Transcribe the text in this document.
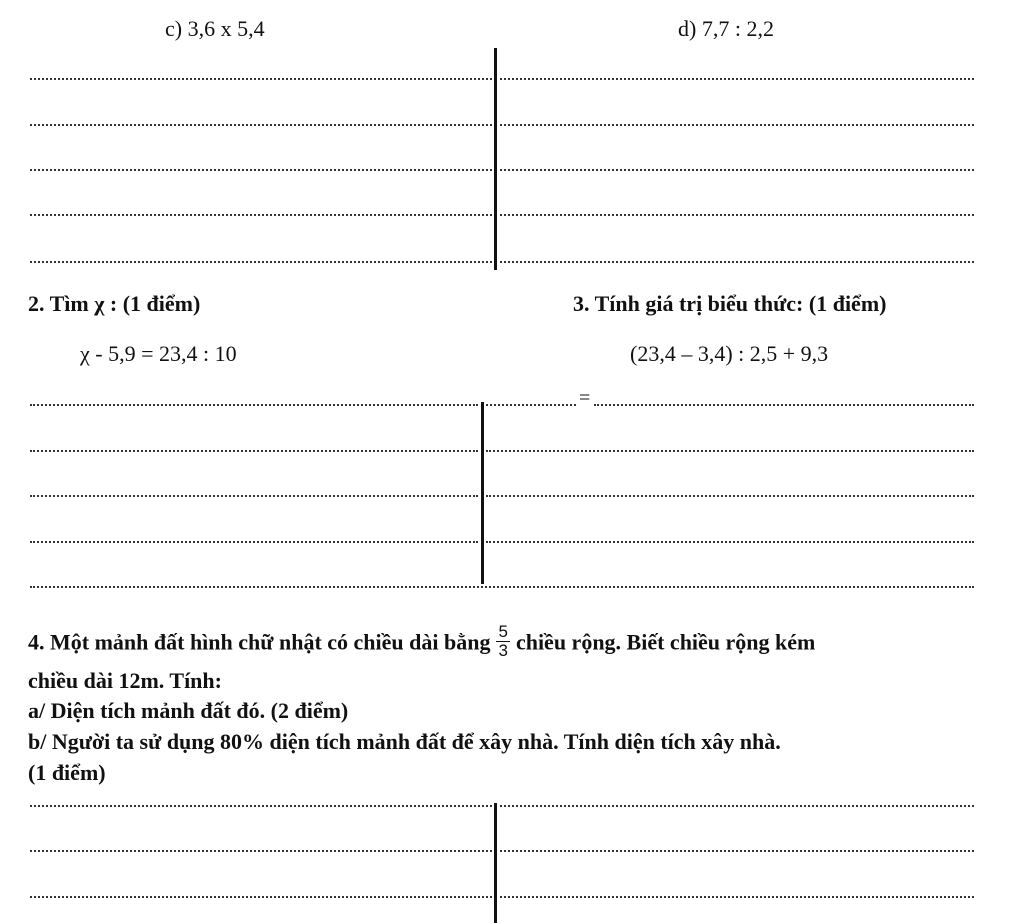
c) 3,6 x 5,4	d) 7,7 : 2,2
2. Tìm χ : (1 điểm)	3. Tính giá trị biểu thức: (1 điểm)
χ - 5,9 = 23,4 : 10	(23,4 – 3,4) : 2,5 + 9,3
=
4. Một mảnh đất hình chữ nhật có chiều dài bằng $\frac{5}{3}$ chiều rộng. Biết chiều rộng kém
chiều dài 12m. Tính:
a/ Diện tích mảnh đất đó. (2 điểm)
b/ Người ta sử dụng 80% diện tích mảnh đất để xây nhà. Tính diện tích xây nhà.
(1 điểm)
